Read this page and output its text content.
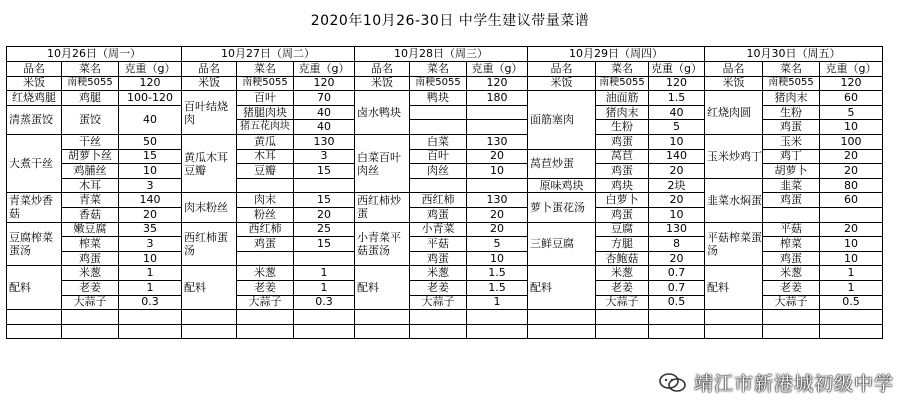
2020年10月26-30日 中学生建议带量菜谱
10月26日（周一）			10月27日（周二）			10月28日（周三）			10月29日（周四）			10月30日（周五）		
品名	菜名	克重（g）	品名	菜名	克重（g）	品名	菜名	克重（g）	品名	菜名	克重（g）	品名	菜名	克重（g）
米饭	南粳5055	120	米饭	南粳5055	120	米饭	南粳5055	120	米饭	南粳5055	120	米饭	南粳5055	120
红烧鸡腿	鸡腿	100-120	百叶结烧肉	百叶	70	卤水鸭块	鸭块	180	面筋塞肉	油面筋	1.5	红烧肉圆	猪肉末	60
清蒸蛋饺	蛋饺	40		猪腿肉块	40					猪肉末	40		生粉	5
				猪五花肉块	40					生粉	5		鸡蛋	10
大煮干丝	干丝	50	黄瓜木耳豆瓣	黄瓜	130	白菜百叶肉丝	白菜	130		鸡蛋	10	玉米炒鸡丁	玉米	100
	胡萝卜丝	15		木耳	3		百叶	20	莴苣炒蛋	莴苣	140		鸡丁	20
	鸡脯丝	10		豆瓣	15		肉丝	10		鸡蛋	20		胡萝卜	20
	木耳	3							原味鸡块	鸡块	2块	韭菜水焖蛋	韭菜	80
青菜炒香菇	青菜	140	肉末粉丝	肉末	15	西红柿炒蛋	西红柿	130	萝卜蛋花汤	白萝卜	20		鸡蛋	60
	香菇	20		粉丝	20		鸡蛋	20		鸡蛋	10			
豆腐榨菜蛋汤	嫩豆腐	35	西红柿蛋汤	西红柿	25	小青菜平菇蛋汤	小青菜	20	三鲜豆腐	豆腐	130	平菇榨菜蛋汤	平菇	20
	榨菜	3		鸡蛋	15		平菇	5		方腿	8		榨菜	10
	鸡蛋	10					鸡蛋	10		杏鲍菇	20		鸡蛋	10
配料	米葱	1	配料	米葱	1	配料	米葱	1.5	配料	米葱	0.7	配料	米葱	1
	老姜	1		老姜	1		老姜	1.5		老姜	0.7		老姜	1
	大蒜子	0.3		大蒜子	0.3		大蒜子	1		大蒜子	0.5		大蒜子	0.5

靖江市新港城初级中学
